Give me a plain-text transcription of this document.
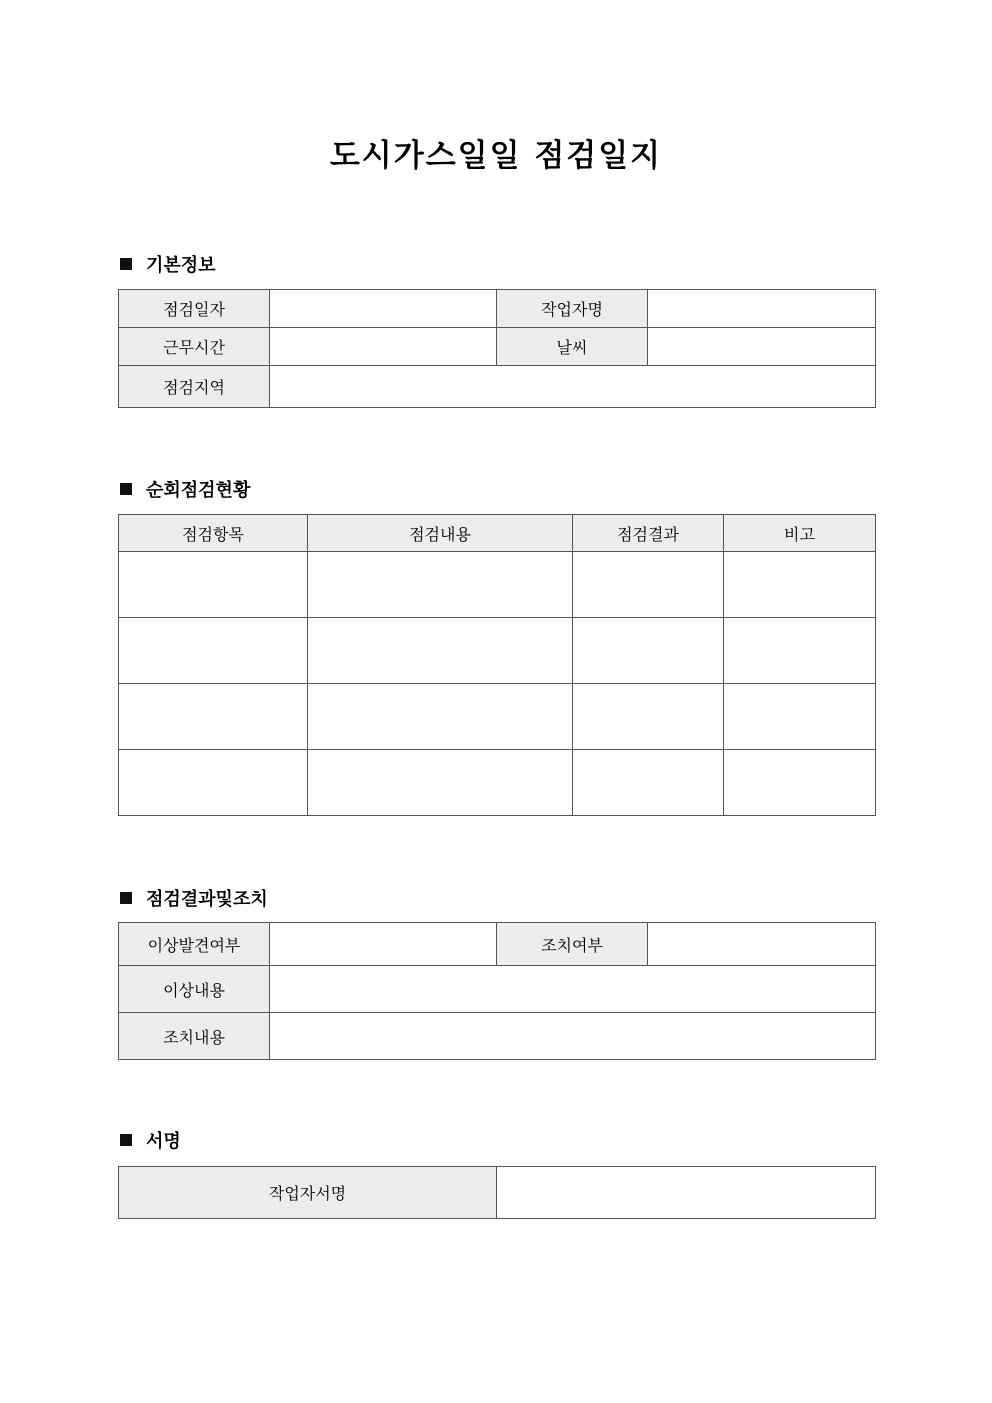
도시가스일일 점검일지
기본정보
점검일자		작업자명	
근무시간		날씨	
점검지역			
순회점검현황
점검항목	점검내용	점검결과	비고

점검결과및조치
이상발견여부		조치여부	
이상내용			
조치내용			
서명
작업자서명	
